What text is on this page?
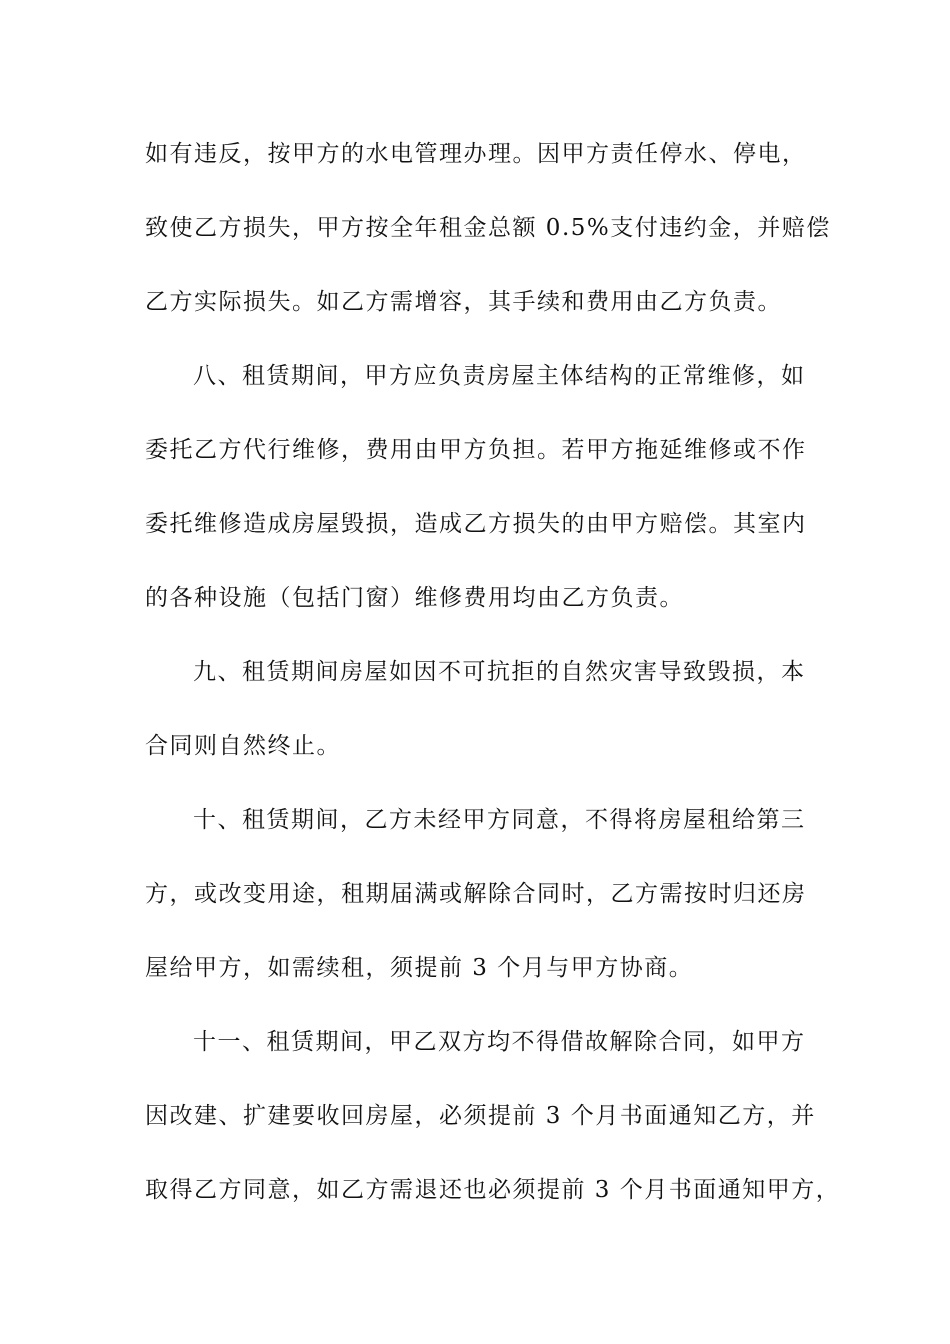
如有违反，按甲方的水电管理办理。因甲方责任停水、停电，
致使乙方损失，甲方按全年租金总额 0.5%支付违约金，并赔偿
乙方实际损失。如乙方需增容，其手续和费用由乙方负责。
八、租赁期间，甲方应负责房屋主体结构的正常维修，如
委托乙方代行维修，费用由甲方负担。若甲方拖延维修或不作
委托维修造成房屋毁损，造成乙方损失的由甲方赔偿。其室内
的各种设施（包括门窗）维修费用均由乙方负责。
九、租赁期间房屋如因不可抗拒的自然灾害导致毁损，本
合同则自然终止。
十、租赁期间，乙方未经甲方同意，不得将房屋租给第三
方，或改变用途，租期届满或解除合同时，乙方需按时归还房
屋给甲方，如需续租，须提前 3 个月与甲方协商。
十一、租赁期间，甲乙双方均不得借故解除合同，如甲方
因改建、扩建要收回房屋，必须提前 3 个月书面通知乙方，并
取得乙方同意，如乙方需退还也必须提前 3 个月书面通知甲方，
